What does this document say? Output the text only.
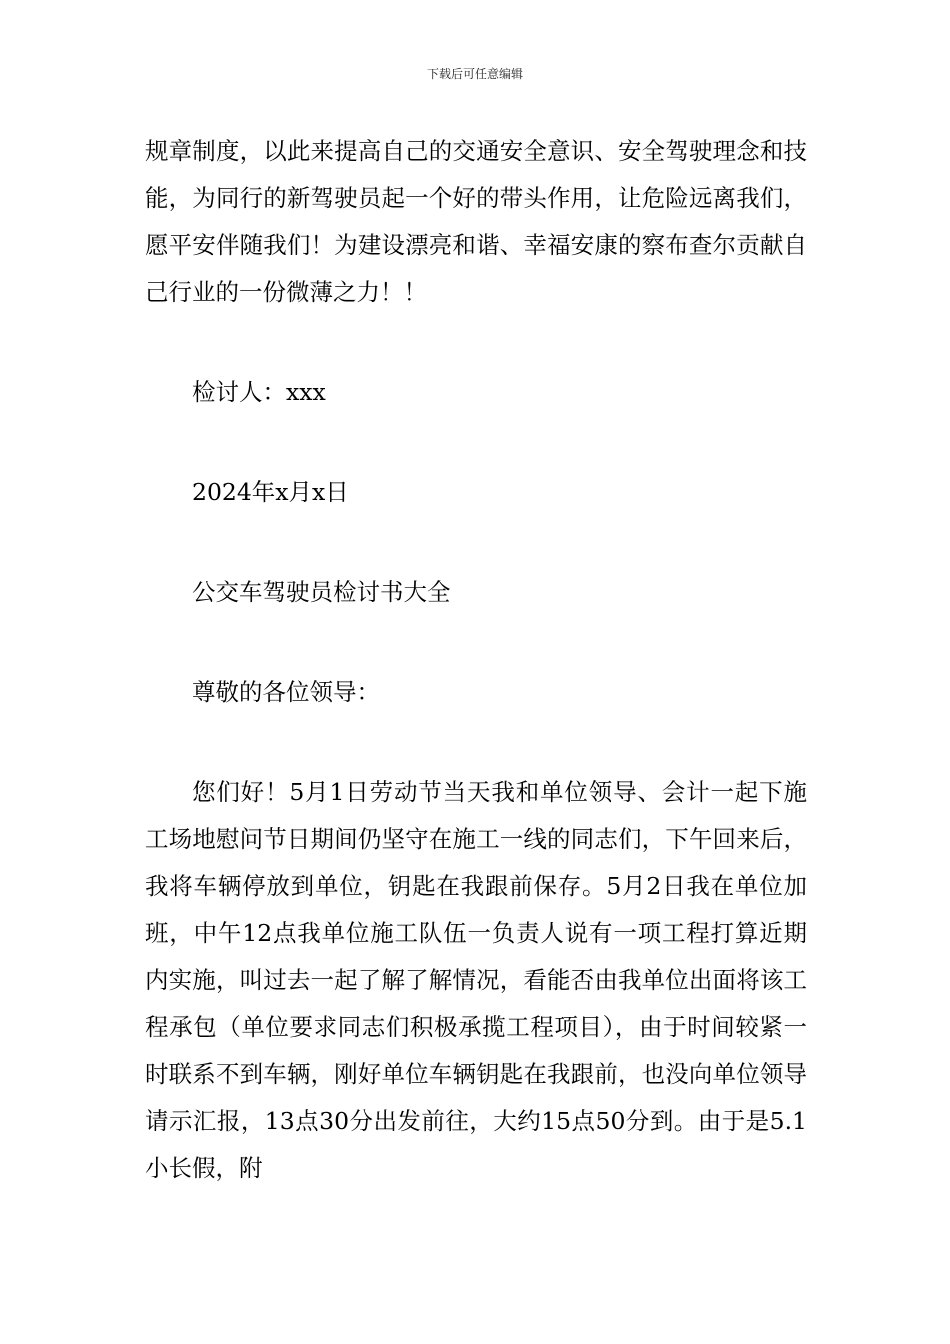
下载后可任意编辑

规章制度，以此来提高自己的交通安全意识、安全驾驶理念和技能，为同行的新驾驶员起一个好的带头作用，让危险远离我们，愿平安伴随我们！为建设漂亮和谐、幸福安康的察布查尔贡献自己行业的一份微薄之力！！

检讨人：xxx

2024年x月x日

公交车驾驶员检讨书大全

尊敬的各位领导：

您们好！5月1日劳动节当天我和单位领导、会计一起下施工场地慰问节日期间仍坚守在施工一线的同志们，下午回来后，我将车辆停放到单位，钥匙在我跟前保存。5月2日我在单位加班，中午12点我单位施工队伍一负责人说有一项工程打算近期内实施，叫过去一起了解了解情况，看能否由我单位出面将该工程承包（单位要求同志们积极承揽工程项目），由于时间较紧一时联系不到车辆，刚好单位车辆钥匙在我跟前，也没向单位领导请示汇报，13点30分出发前往，大约15点50分到。由于是5.1小长假，附
